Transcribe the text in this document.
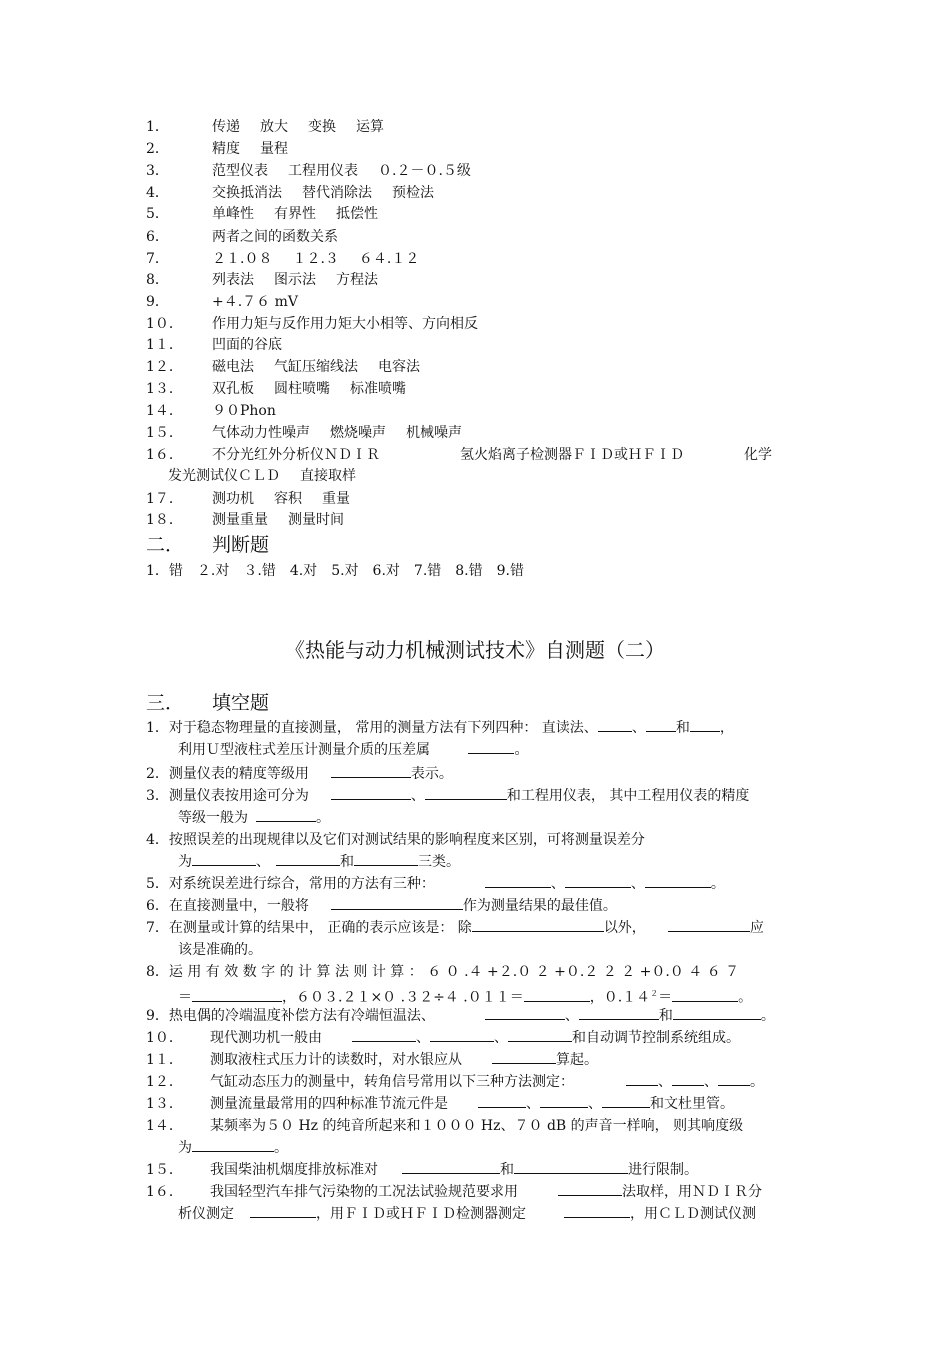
1．	传递 放大 变换 运算
2．	精度 量程
3．	范型仪表 工程用仪表 ０.２－０.５级
4．	交换抵消法 替代消除法 预检法
5．	单峰性 有界性 抵偿性
6．	两者之间的函数关系
7．	２１.０８ １２.３ ６４.１２
8．	列表法 图示法 方程法
9．	+４.７６ mV
1０．	作用力矩与反作用力矩大小相等、方向相反
1１．	凹面的谷底
1２．	磁电法 气缸压缩线法 电容法
1３．	双孔板 圆柱喷嘴 标准喷嘴
1４．	９０Phon
1５．	气体动力性噪声 燃烧噪声 机械噪声
1６．	不分光红外分析仪ＮＤＩＲ	氢火焰离子检测器ＦＩＤ或ＨＦＩＤ	化学
发光测试仪ＣＬＤ 直接取样
1７．	测功机 容积 重量
1８．	测量重量 测量时间
二．	判断题
1．错 ２.对 ３.错 4.对 5.对 6.对 7.错 8.错 9.错
《热能与动力机械测试技术》自测题（二）
三．	填空题
1．对于稳态物理量的直接测量， 常用的测量方法有下列四种： 直读法、 、 和 ，
利用Ｕ型液柱式差压计测量介质的压差属	。
2．测量仪表的精度等级用	表示。
3．测量仪表按用途可分为	、	和工程用仪表， 其中工程用仪表的精度
等级一般为	。
4．按照误差的出现规律以及它们对测试结果的影响程度来区别，可将测量误差分
为	、	和	三类。
5．对系统误差进行综合，常用的方法有三种：	、	、	。
6．在直接测量中，一般将	作为测量结果的最佳值。
7．在测量或计算的结果中， 正确的表示应该是： 除	以外，	应
该是准确的。
8．运 用 有 效 数 字 的 计 算 法 则 计 算 ： ６ ０ .４ +２.０ ２ +０.２ ２ ２ +０.０ ４ ６ ７
＝	，６０３.２１×０ .３２÷４ .０１１＝	，$0.14^2=$	。
9．热电偶的冷端温度补偿方法有冷端恒温法、	、	和	。
1０． 现代测功机一般由	、	、	和自动调节控制系统组成。
1１． 测取液柱式压力计的读数时，对水银应从	算起。
1２． 气缸动态压力的测量中，转角信号常用以下三种方法测定：	、 、 。
1３． 测量流量最常用的四种标准节流元件是	、	、	和文杜里管。
1４． 某频率为５０ Hz 的纯音所起来和１０００ Hz、７０ dB 的声音一样响， 则其响度级
为	。
1５． 我国柴油机烟度排放标准对	和	进行限制。
1６． 我国轻型汽车排气污染物的工况法试验规范要求用	法取样，用ＮＤＩＲ分
析仪测定	，用ＦＩＤ或ＨＦＩＤ检测器测定	，用ＣＬＤ测试仪测
